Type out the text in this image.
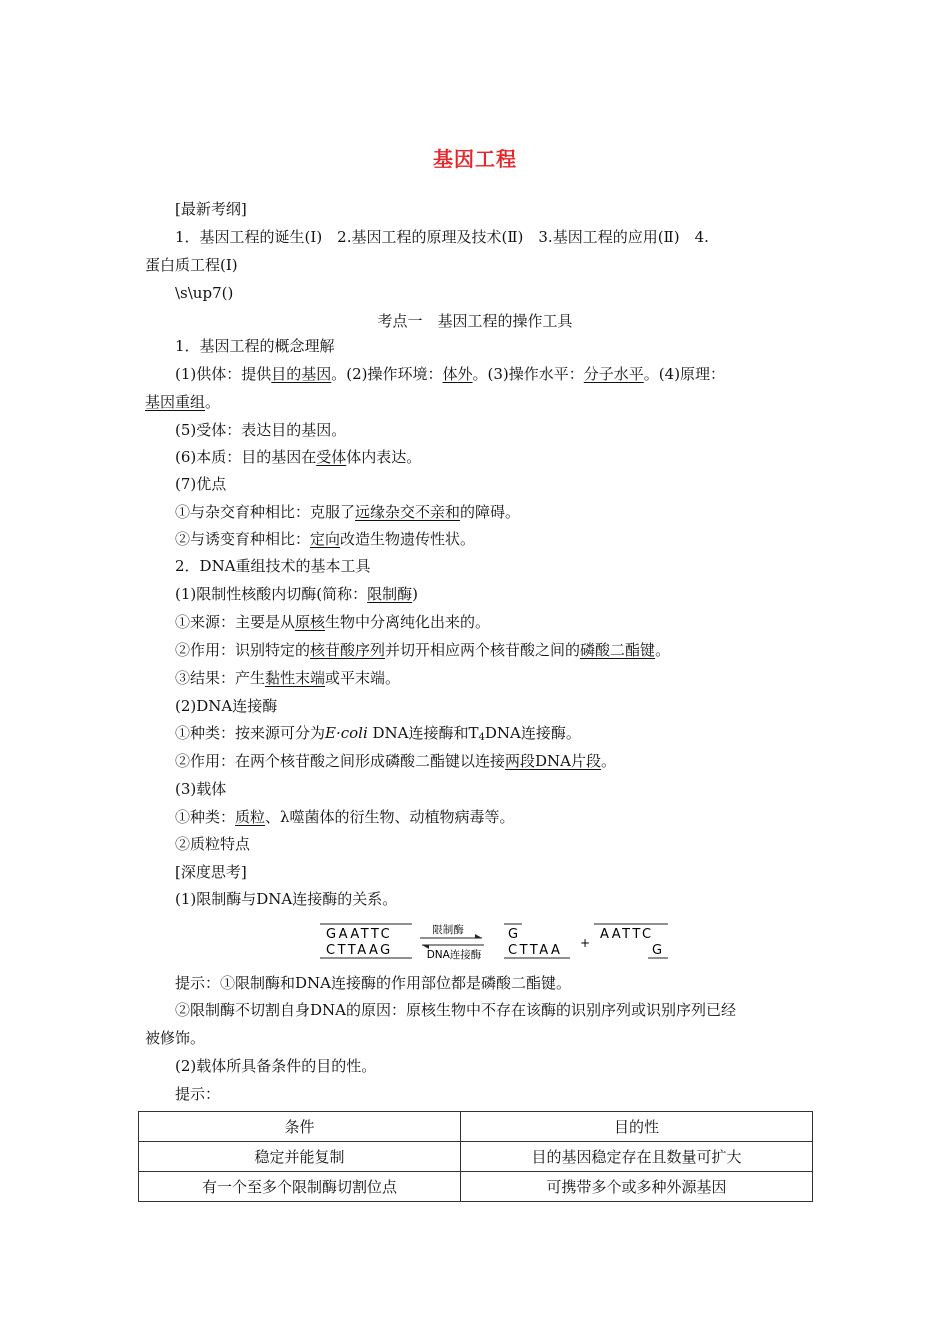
基因工程
[最新考纲]
1．基因工程的诞生(Ⅰ)　2.基因工程的原理及技术(Ⅱ)　3.基因工程的应用(Ⅱ)　4.
蛋白质工程(Ⅰ)
\s\up7()
考点一　基因工程的操作工具
1．基因工程的概念理解
(1)供体：提供目的基因。(2)操作环境：体外。(3)操作水平：分子水平。(4)原理：
基因重组。
(5)受体：表达目的基因。
(6)本质：目的基因在受体体内表达。
(7)优点
①与杂交育种相比：克服了远缘杂交不亲和的障碍。
②与诱变育种相比：定向改造生物遗传性状。
2．DNA重组技术的基本工具
(1)限制性核酸内切酶(简称：限制酶)
①来源：主要是从原核生物中分离纯化出来的。
②作用：识别特定的核苷酸序列并切开相应两个核苷酸之间的磷酸二酯键。
③结果：产生黏性末端或平末端。
(2)DNA连接酶
①种类：按来源可分为E·coli DNA连接酶和$T_4DNA$连接酶。
②作用：在两个核苷酸之间形成磷酸二酯键以连接两段DNA片段。
(3)载体
①种类：质粒、λ噬菌体的衍生物、动植物病毒等。
②质粒特点
[深度思考]
(1)限制酶与DNA连接酶的关系。
GAATTC
CTTAAG
限制酶
DNA连接酶
G
CTTAA +
AATTC
G
提示：①限制酶和DNA连接酶的作用部位都是磷酸二酯键。
②限制酶不切割自身DNA的原因：原核生物中不存在该酶的识别序列或识别序列已经
被修饰。
(2)载体所具备条件的目的性。
提示：
条件	目的性
稳定并能复制	目的基因稳定存在且数量可扩大
有一个至多个限制酶切割位点	可携带多个或多种外源基因
